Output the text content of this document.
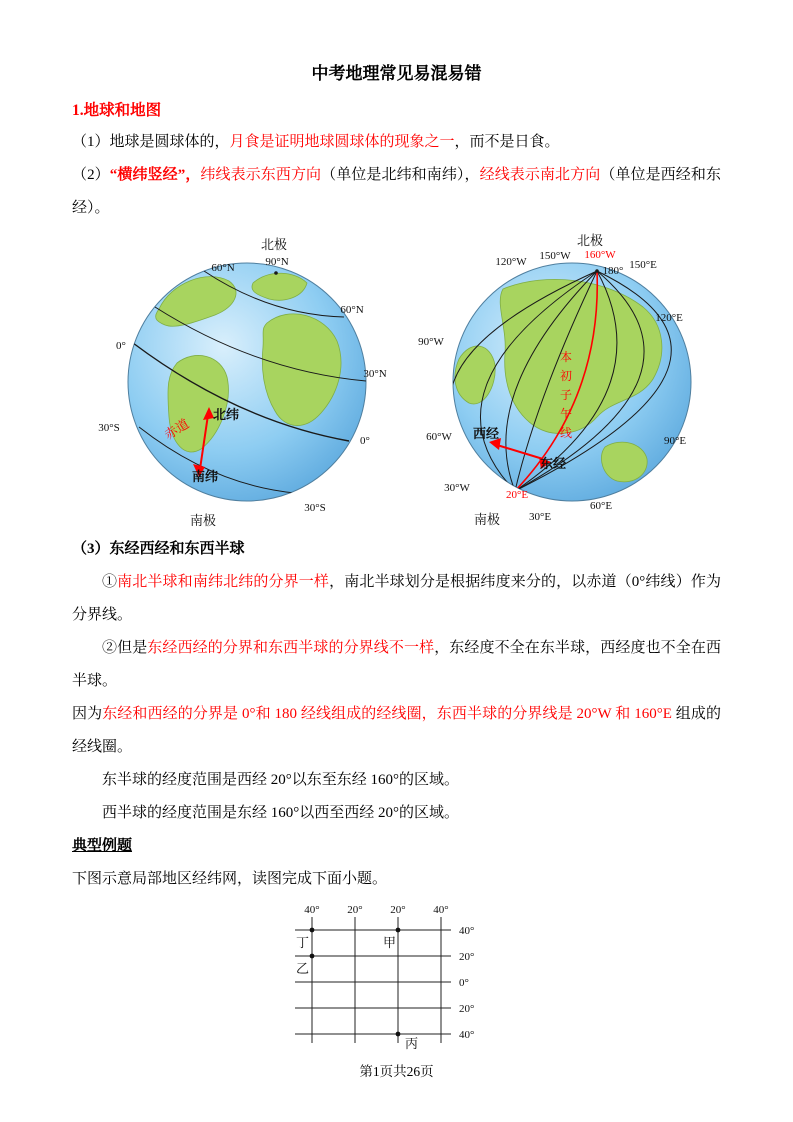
中考地理常见易混易错
1.地球和地图

（1）地球是圆球体的，月食是证明地球圆球体的现象之一，而不是日食。

（2）“横纬竖经”，纬线表示东西方向（单位是北纬和南纬），经线表示南北方向（单位是西经和东经）。

北极
90°N
60°N
60°N
30°N
0°
30°S
0°
30°S
南极
赤道
北纬
南纬
北极
120°W 150°W 160°W
180° 150°E
120°E
90°W
60°W
30°W
90°E
60°E
30°E
20°E
本初子午线
西经
东经
南极

（3）东经西经和东西半球

①南北半球和南纬北纬的分界一样，南北半球划分是根据纬度来分的，以赤道（0°纬线）作为分界线。

②但是东经西经的分界和东西半球的分界线不一样，东经度不全在东半球，西经度也不全在西半球。

因为东经和西经的分界是 0°和 180 经线组成的经线圈，东西半球的分界线是 20°W 和 160°E 组成的经线圈。

东半球的经度范围是西经 20°以东至东经 160°的区域。

西半球的经度范围是东经 160°以西至西经 20°的区域。

典型例题

下图示意局部地区经纬网，读图完成下面小题。

40°	20°	20°	40°
40°
20°
0°
20°
40°
丁	甲
乙
丙
第1页共26页
